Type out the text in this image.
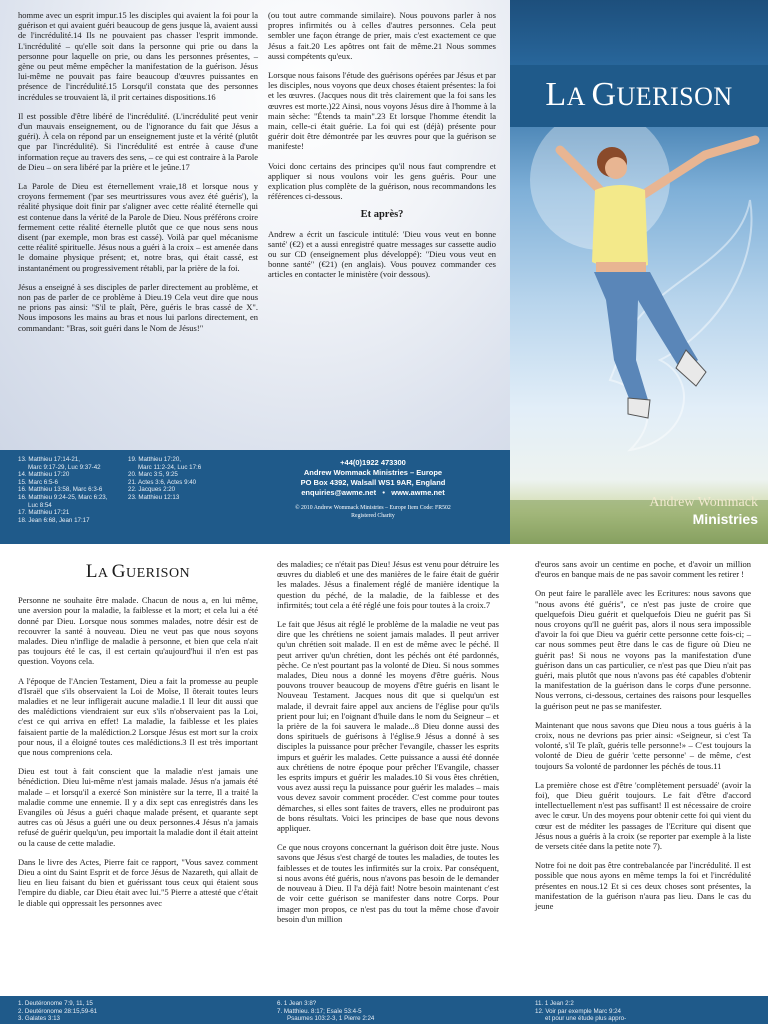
homme avec un esprit impur.15 les disciples qui avaient la foi pour la guérison et qui avaient guéri beaucoup de gens jusque là, avaient aussi de l'incrédulité.14 Ils ne pouvaient pas chasser l'esprit immonde. L'incrédulité – qu'elle soit dans la personne qui prie ou dans la personne pour laquelle on prie, ou dans les personnes présentes, – gène ou peut même empêcher la manifestation de la guérison. Jésus lui-même ne pouvait pas faire beaucoup d'œuvres puissantes en présence de l'incrédulité.15 Lorsqu'il constata que des personnes incrédules se trouvaient là, il prit certaines dispositions.16

Il est possible d'être libéré de l'incrédulité. (L'incrédulité peut venir d'un mauvais enseignement, ou de l'ignorance du fait que Jésus a guéri). À cela on répond par un enseignement juste et la vérité (plutôt que par l'incrédulité). Si l'incrédulité est entrée à cause d'une information reçue au travers des sens, – ce qui est contraire à la Parole de Dieu – on sera libéré par la prière et le jeûne.17

La Parole de Dieu est éternellement vraie,18 et lorsque nous y croyons fermement ('par ses meurtrissures vous avez été guéris'), la réalité physique doit finir par s'aligner avec cette réalité éternelle qui est contenue dans la vérité de la Parole de Dieu. Nous préférons croire fermement cette réalité éternelle plutôt que ce que nous sens nous disent (par exemple, mon bras est cassé). Voilà par quel mécanisme cette réalité spirituelle. Jésus nous a guéri à la croix – est amenée dans le domaine physique présent; et, notre bras, qui était cassé, est instantanément ou progressivement rétabli, par la prière de la foi.

Jésus a enseigné à ses disciples de parler directement au problème, et non pas de parler de ce problème à Dieu.19 Cela veut dire que nous ne prions pas ainsi: "S'il te plaît, Père, guéris le bras cassé de X". Nous imposons les mains au bras et nous lui parlons directement, en commandant: "Bras, soit guéri dans le Nom de Jésus!"

(ou tout autre commande similaire). Nous pouvons parler à nos propres infirmités ou à celles d'autres personnes. Cela peut sembler une façon étrange de prier, mais c'est exactement ce que Jésus a fait.20 Les apôtres ont fait de même.21 Nous sommes aussi compétents qu'eux.

Lorsque nous faisons l'étude des guérisons opérées par Jésus et par les disciples, nous voyons que deux choses étaient présentes: la foi et les œuvres. (Jacques nous dit très clairement que la foi sans les œuvres est morte.)22 Ainsi, nous voyons Jésus dire à l'homme à la main sèche: "Étends ta main".23 Et lorsque l'homme étendit la main, celle-ci était guérie. La foi qui est (déjà) présente pour guérir doit être démontrée par les œuvres pour que la guérison se manifeste!

Voici donc certains des principes qu'il nous faut comprendre et appliquer si nous voulons voir les gens guéris. Pour une explication plus complète de la guérison, nous recommandons les références ci-dessous.

Et après?

Andrew a écrit un fascicule intitulé: 'Dieu vous veut en bonne santé' (€2) et a aussi enregistré quatre messages sur cassette audio ou sur CD (enseignement plus développé): "Dieu vous veut en bonne santé" (€21) (en anglais). Vous pouvez commander ces articles en contacter le ministère (voir dessous).

13. Matthieu 17:14-21,
Marc 9:17-29, Luc 9:37-42
14. Matthieu 17:20
15. Marc 6:5-6
16. Matthieu 13:58, Marc 6:3-6
16. Matthieu 9:24-25, Marc 6:23,
Luc 8:54
17. Matthieu 17:21
18. Jean 6:68, Jean 17:17
19. Matthieu 17:20,
Marc 11:2-24, Luc 17:6
20. Marc 3:5, 9:25
21. Actes 3:6, Actes 9:40
22. Jacques 2:20
23. Matthieu 12:13
+44(0)1922 473300
Andrew Wommack Ministries – Europe
PO Box 4392, Walsall WS1 9AR, England
enquiries@awme.net   •   www.awme.net
© 2010 Andrew Wommack Ministries – Europe Item Code: FR502
Registered Charity
LA GUERISON
Andrew Wommack
Ministries
LA GUERISON

Personne ne souhaite être malade. Chacun de nous a, en lui même, une aversion pour la maladie, la faiblesse et la mort; et cela lui a été donné par Dieu. Lorsque nous sommes malades, notre désir est de recouvrer la santé à nouveau. Dieu ne veut pas que nous soyons malades. Dieu n'inflige de maladie à personne, et bien que cela n'ait pas toujours été le cas, il est certain qu'aujourd'hui il n'en est pas question. Voyons cela.

A l'époque de l'Ancien Testament, Dieu a fait la promesse au peuple d'Israël que s'ils observaient la Loi de Moïse, Il ôterait toutes leurs maladies et ne leur infligerait aucune maladie.1 Il leur dit aussi que des malédictions viendraient sur eux s'ils n'observaient pas la Loi, c'est ce qui arriva en effet! La maladie, la faiblesse et les plaies faisaient partie de la malédiction.2 Lorsque Jésus est mort sur la croix pour nous, il a éloigné toutes ces malédictions.3 Il est très important que nous comprenions cela.

Dieu est tout à fait conscient que la maladie n'est jamais une bénédiction. Dieu lui-même n'est jamais malade. Jésus n'a jamais été malade – et lorsqu'il a exercé Son ministère sur la terre, Il a traité la maladie comme une ennemie. Il y a dix sept cas enregistrés dans les Evangiles où Jésus a guéri chaque malade présent, et quarante sept autres cas où Jésus a guéri une ou deux personnes.4 Jésus n'a jamais refusé de guérir quelqu'un, peu importait la maladie dont il était atteint ou la cause de cette maladie.

Dans le livre des Actes, Pierre fait ce rapport, "Vous savez comment Dieu a oint du Saint Esprit et de force Jésus de Nazareth, qui allait de lieu en lieu faisant du bien et guérissant tous ceux qui étaient sous l'empire du diable, car Dieu était avec lui."5 Pierre a attesté que c'était le diable qui oppressait les personnes avec

des maladies; ce n'était pas Dieu! Jésus est venu pour détruire les œuvres du diable6 et une des manières de le faire était de guérir les malades. Jésus a finalement réglé de manière identique la question du péché, de la maladie, de la faiblesse et des infirmités; tout cela a été réglé une fois pour toutes à la croix.7

Le fait que Jésus ait réglé le problème de la maladie ne veut pas dire que les chrétiens ne soient jamais malades. Il peut arriver qu'un chrétien soit malade. Il en est de même avec le péché. Il peut arriver qu'un chrétien, dont les péchés ont été pardonnés, pèche. Ce n'est pourtant pas la volonté de Dieu. Si nous sommes malades, Dieu nous a donné les moyens d'être guéris. Nous pouvons trouver beaucoup de moyens d'être guéris en lisant le Nouveau Testament. Jacques nous dit que si quelqu'un est malade, il devrait faire appel aux anciens de l'église pour qu'ils prient pour lui; en l'oignant d'huile dans le nom du Seigneur – et la prière de la foi sauvera le malade...8 Dieu donne aussi des dons spirituels de guérisons à l'église.9 Jésus a donné à ses disciples la puissance pour prêcher l'evangile, chasser les esprits impurs et guérir les malades. Cette puissance a aussi été donnée aux chrétiens de notre époque pour prêcher l'Evangile, chasser les esprits impurs et guérir les malades.10 Si vous êtes chrétien, vous avez aussi reçu la puissance pour guérir les malades – mais vous devez savoir comment procéder. C'est comme pour toutes démarches, si elles sont faites de travers, elles ne produiront pas de bons résultats. Voici les principes de base que nous devons appliquer.

Ce que nous croyons concernant la guérison doit être juste. Nous savons que Jésus s'est chargé de toutes les maladies, de toutes les faiblesses et de toutes les infirmités sur la croix. Par conséquent, si nous avons été guéris, nous n'avons pas besoin de le demander de nouveau à Dieu. Il l'a déjà fait! Notre besoin maintenant c'est de voir cette guérison se manifester dans notre Corps. Pour imager mon propos, ce n'est pas du tout la même chose d'avoir besoin d'un million

d'euros sans avoir un centime en poche, et d'avoir un million d'euros en banque mais de ne pas savoir comment les retirer !

On peut faire le parallèle avec les Ecritures: nous savons que "nous avons été guéris", ce n'est pas juste de croire que quelquefois Dieu guérit et quelquefois Dieu ne guérit pas Si nous croyons qu'Il ne guérit pas, alors il nous sera impossible d'avoir la foi que Dieu va guérir cette personne cette fois-ci; – car nous sommes peut être dans le cas de figure où Dieu ne guérit pas! Si nous ne voyons pas la manifestation d'une guérison dans un cas particulier, ce n'est pas que Dieu n'ait pas guéri, mais plutôt que nous n'avons pas été capables d'obtenir la manifestation de la guérison dans le corps d'une personne. Nous verrons, ci-dessous, certaines des raisons pour lesquelles la guérison peut ne pas se manifester.

Maintenant que nous savons que Dieu nous a tous guéris à la croix, nous ne devrions pas prier ainsi: «Seigneur, si c'est Ta volonté, s'il Te plaît, guéris telle personne!» – C'est toujours la volonté de Dieu de guérir 'cette personne' – de même, c'est toujours Sa volonté de pardonner les péchés de tous.11

La première chose est d'être 'complètement persuadé' (avoir la foi), que Dieu guérit toujours. Le fait d'être d'accord intellectuellement n'est pas suffisant! Il est nécessaire de croire avec le cœur. Un des moyens pour obtenir cette foi qui vient du cœur est de méditer les passages de l'Ecriture qui disent que Jésus nous a guéris à la croix (se reporter par exemple à la liste de versets citée dans la petite note 7).

Notre foi ne doit pas être contrebalancée par l'incrédulité. Il est possible que nous ayons en même temps la foi et l'incrédulité présentes en nous.12 Et si ces deux choses sont présentes, la manifestation de la guérison n'aura pas lieu. Dans le cas du jeune

1. Deutéronome 7:9, 11, 15
2. Deutéronome 28:15,59-61
3. Galates 3:13
6. 1 Jean 3:8?
7. Matthieu. 8:17; Esaïe 53:4-5
Psaumes 103:2-3, 1 Pierre 2:24
11. 1 Jean 2:2
12. Voir par exemple Marc 9:24
et pour une étude plus appro-
